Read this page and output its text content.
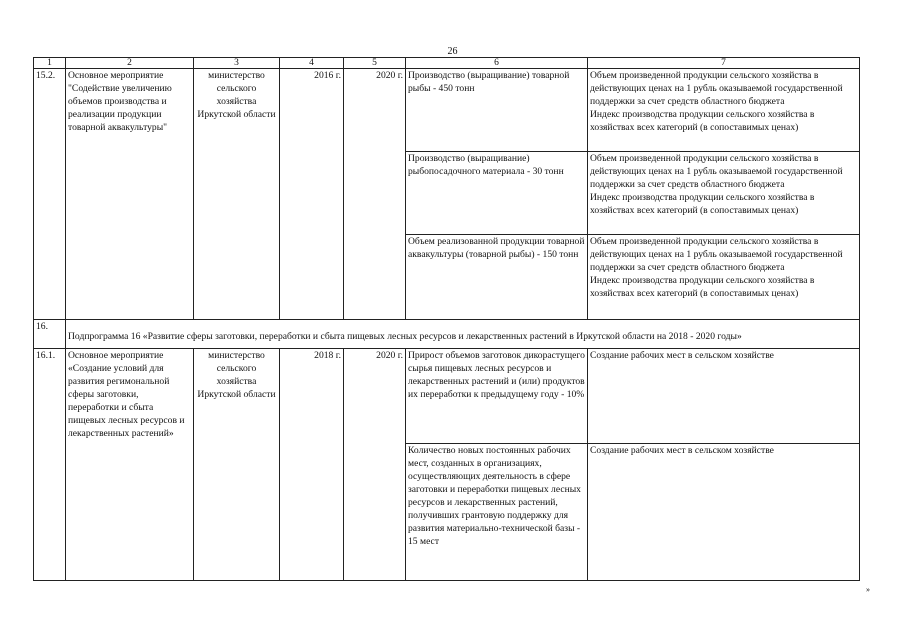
26
1	2	3	4	5	6	7
15.2.	Основное мероприятие "Содействие увеличению объемов производства и реализации продукции товарной аквакультуры"	министерство сельского хозяйства Иркутской области	2016 г.	2020 г.	Производство (выращивание) товарной рыбы - 450 тонн	Объем произведенной продукции сельского хозяйства в действующих ценах на 1 рубль оказываемой государственной поддержки за счет средств областного бюджета
Индекс производства продукции сельского хозяйства в хозяйствах всех категорий (в сопоставимых ценах)

					Производство (выращивание) рыбопосадочного материала - 30 тонн	Объем произведенной продукции сельского хозяйства в действующих ценах на 1 рубль оказываемой государственной поддержки за счет средств областного бюджета
Индекс производства продукции сельского хозяйства в хозяйствах всех категорий (в сопоставимых ценах)

					Объем реализованной продукции товарной аквакультуры (товарной рыбы) - 150 тонн	Объем произведенной продукции сельского хозяйства в действующих ценах на 1 рубль оказываемой государственной поддержки за счет средств областного бюджета
Индекс производства продукции сельского хозяйства в хозяйствах всех категорий (в сопоставимых ценах)

16.	Подпрограмма 16 «Развитие сферы заготовки, переработки и сбыта пищевых лесных ресурсов и лекарственных растений в Иркутской области на 2018 - 2020 годы»					
16.1.	Основное мероприятие «Создание условий для развития регимональной сферы заготовки, переработки и сбыта пищевых лесных ресурсов и лекарственных растений»	министерство сельского хозяйства Иркутской области	2018 г.	2020 г.	Прирост объемов заготовок дикорастущего сырья пищевых лесных ресурсов и лекарственных растений и (или) продуктов их переработки к предыдущему году - 10%	Создание рабочих мест в сельском хозяйстве
					Количество новых постоянных рабочих мест, созданных в организациях, осуществляющих деятельность в сфере заготовки и переработки пищевых лесных ресурсов и лекарственных растений, получивших грантовую поддержку для развития материально-технической базы - 15 мест	Создание рабочих мест в сельском хозяйстве
»
